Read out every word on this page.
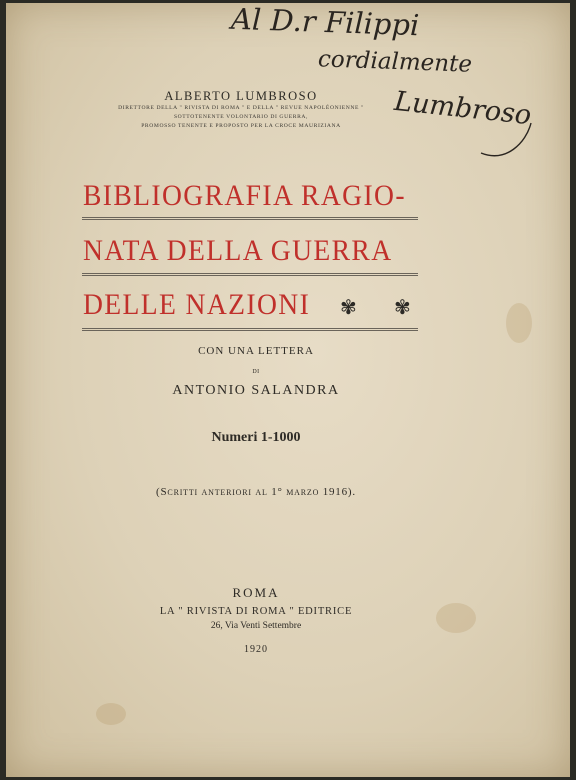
Al D.r Filippi
cordialmente
Lumbroso
ALBERTO LUMBROSO
DIRETTORE DELLA " RIVISTA DI ROMA " E DELLA " REVUE NAPOLÉONIENNE "
SOTTOTENENTE VOLONTARIO DI GUERRA,
PROMOSSO TENENTE E PROPOSTO PER LA CROCE MAURIZIANA
BIBLIOGRAFIA RAGIO-
NATA DELLA GUERRA
DELLE NAZIONI ✾ ✾
CON UNA LETTERA
DI
ANTONIO SALANDRA
Numeri 1-1000
(Scritti anteriori al 1° marzo 1916).
ROMA
LA " RIVISTA DI ROMA " EDITRICE
26, Via Venti Settembre
1920
